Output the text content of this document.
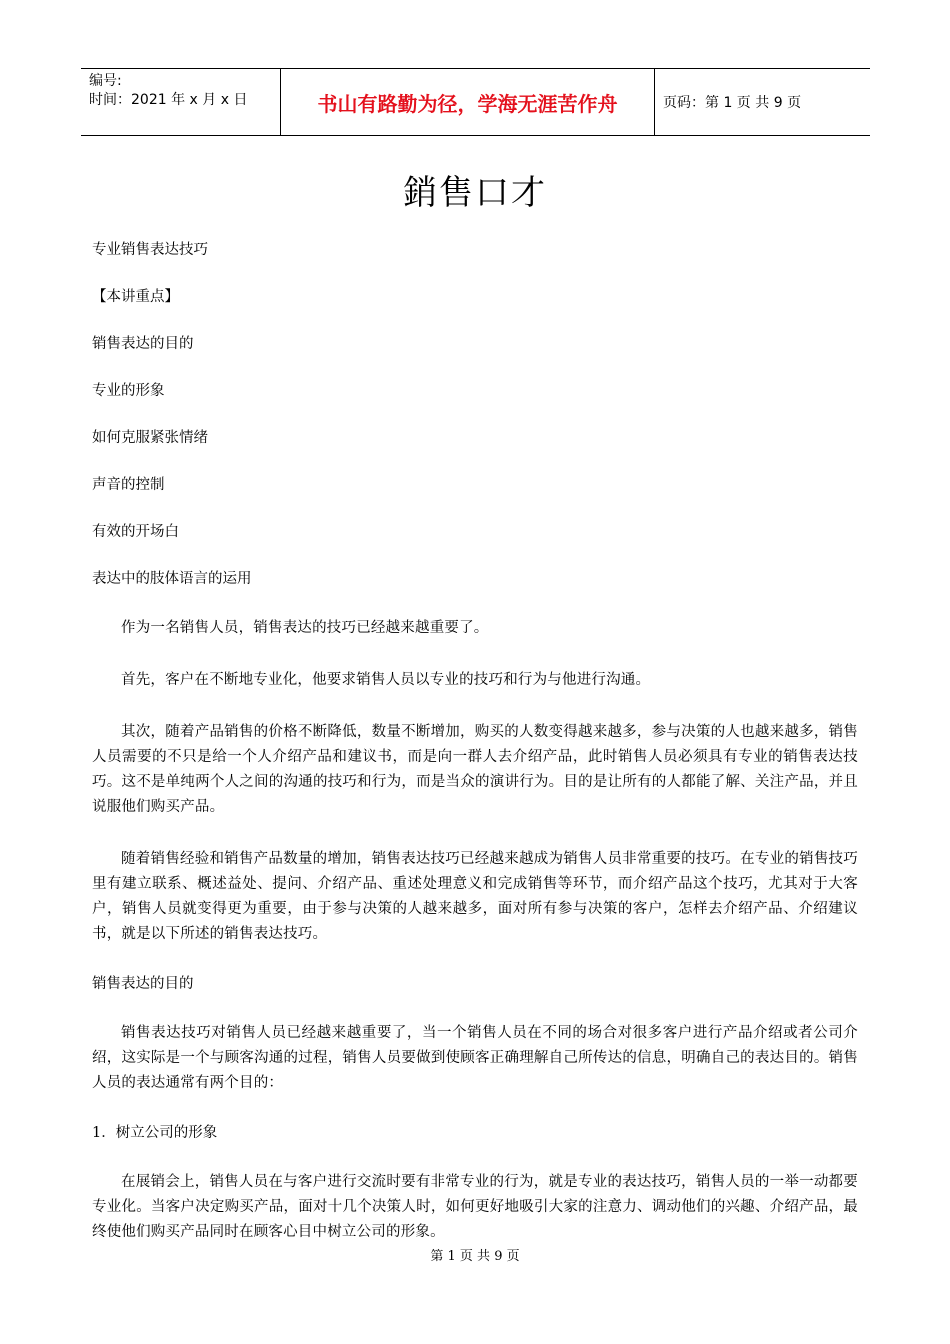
编号:
时间：2021 年 x 月 x 日	书山有路勤为径，学海无涯苦作舟	页码：第 1 页 共 9 页
銷售口才
专业销售表达技巧
【本讲重点】
销售表达的目的
专业的形象
如何克服紧张情绪
声音的控制
有效的开场白
表达中的肢体语言的运用

作为一名销售人员，销售表达的技巧已经越来越重要了。

首先，客户在不断地专业化，他要求销售人员以专业的技巧和行为与他进行沟通。

其次，随着产品销售的价格不断降低，数量不断增加，购买的人数变得越来越多，参与决策的人也越来越多，销售人员需要的不只是给一个人介绍产品和建议书，而是向一群人去介绍产品，此时销售人员必须具有专业的销售表达技巧。这不是单纯两个人之间的沟通的技巧和行为，而是当众的演讲行为。目的是让所有的人都能了解、关注产品，并且说服他们购买产品。

随着销售经验和销售产品数量的增加，销售表达技巧已经越来越成为销售人员非常重要的技巧。在专业的销售技巧里有建立联系、概述益处、提问、介绍产品、重述处理意义和完成销售等环节，而介绍产品这个技巧，尤其对于大客户，销售人员就变得更为重要，由于参与决策的人越来越多，面对所有参与决策的客户，怎样去介绍产品、介绍建议书，就是以下所述的销售表达技巧。

销售表达的目的

销售表达技巧对销售人员已经越来越重要了，当一个销售人员在不同的场合对很多客户进行产品介绍或者公司介绍，这实际是一个与顾客沟通的过程，销售人员要做到使顾客正确理解自己所传达的信息，明确自己的表达目的。销售人员的表达通常有两个目的：

1．树立公司的形象

在展销会上，销售人员在与客户进行交流时要有非常专业的行为，就是专业的表达技巧，销售人员的一举一动都要专业化。当客户决定购买产品，面对十几个决策人时，如何更好地吸引大家的注意力、调动他们的兴趣、介绍产品，最终使他们购买产品同时在顾客心目中树立公司的形象。

第 1 页 共 9 页
